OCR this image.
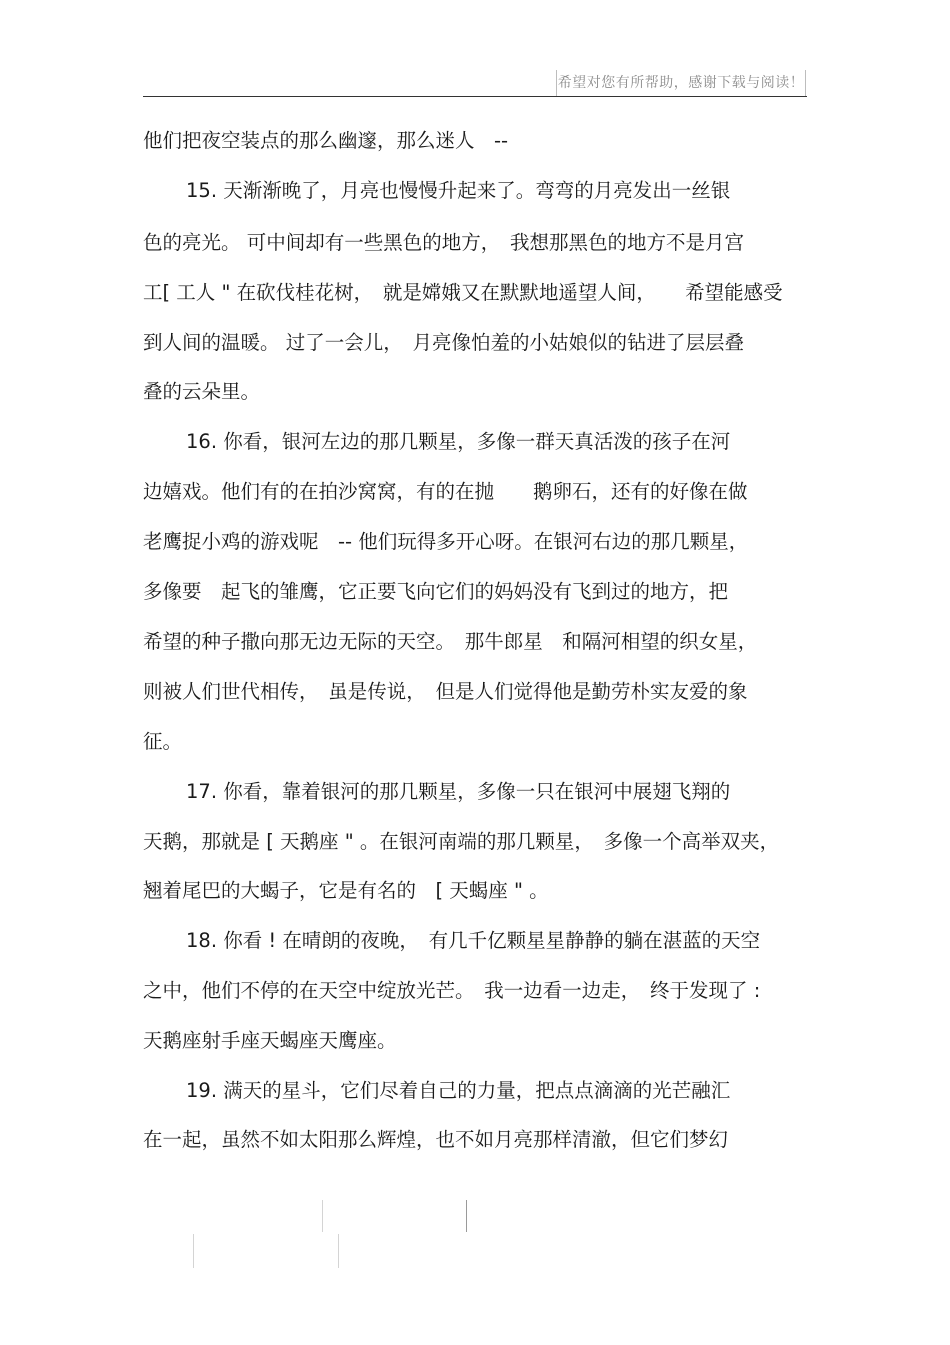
希望对您有所帮助，感谢下载与阅读！
他们把夜空装点的那么幽邃，那么迷人　--
15. 天渐渐晚了，月亮也慢慢升起来了。弯弯的月亮发出一丝银
色的亮光。 可中间却有一些黑色的地方，　我想那黑色的地方不是月宫
工[ 工人 " 在砍伐桂花树，　就是嫦娥又在默默地遥望人间，　　希望能感受
到人间的温暖。 过了一会儿，　月亮像怕羞的小姑娘似的钻进了层层叠
叠的云朵里。
16. 你看，银河左边的那几颗星，多像一群天真活泼的孩子在河
边嬉戏。他们有的在拍沙窝窝，有的在抛　　鹅卵石，还有的好像在做
老鹰捉小鸡的游戏呢　-- 他们玩得多开心呀。在银河右边的那几颗星，
多像要　起飞的雏鹰，它正要飞向它们的妈妈没有飞到过的地方，把
希望的种子撒向那无边无际的天空。　那牛郎星　和隔河相望的织女星，
则被人们世代相传，　虽是传说，　但是人们觉得他是勤劳朴实友爱的象
征。
17. 你看，靠着银河的那几颗星，多像一只在银河中展翅飞翔的
天鹅，那就是 [ 天鹅座 " 。在银河南端的那几颗星，　多像一个高举双夹，
翘着尾巴的大蝎子，它是有名的　[ 天蝎座 " 。
18. 你看 ! 在晴朗的夜晚，　有几千亿颗星星静静的躺在湛蓝的天空
之中，他们不停的在天空中绽放光芒。　我一边看一边走，　终于发现了 :
天鹅座射手座天蝎座天鹰座。
19. 满天的星斗，它们尽着自己的力量，把点点滴滴的光芒融汇
在一起，虽然不如太阳那么辉煌，也不如月亮那样清澈，但它们梦幻
